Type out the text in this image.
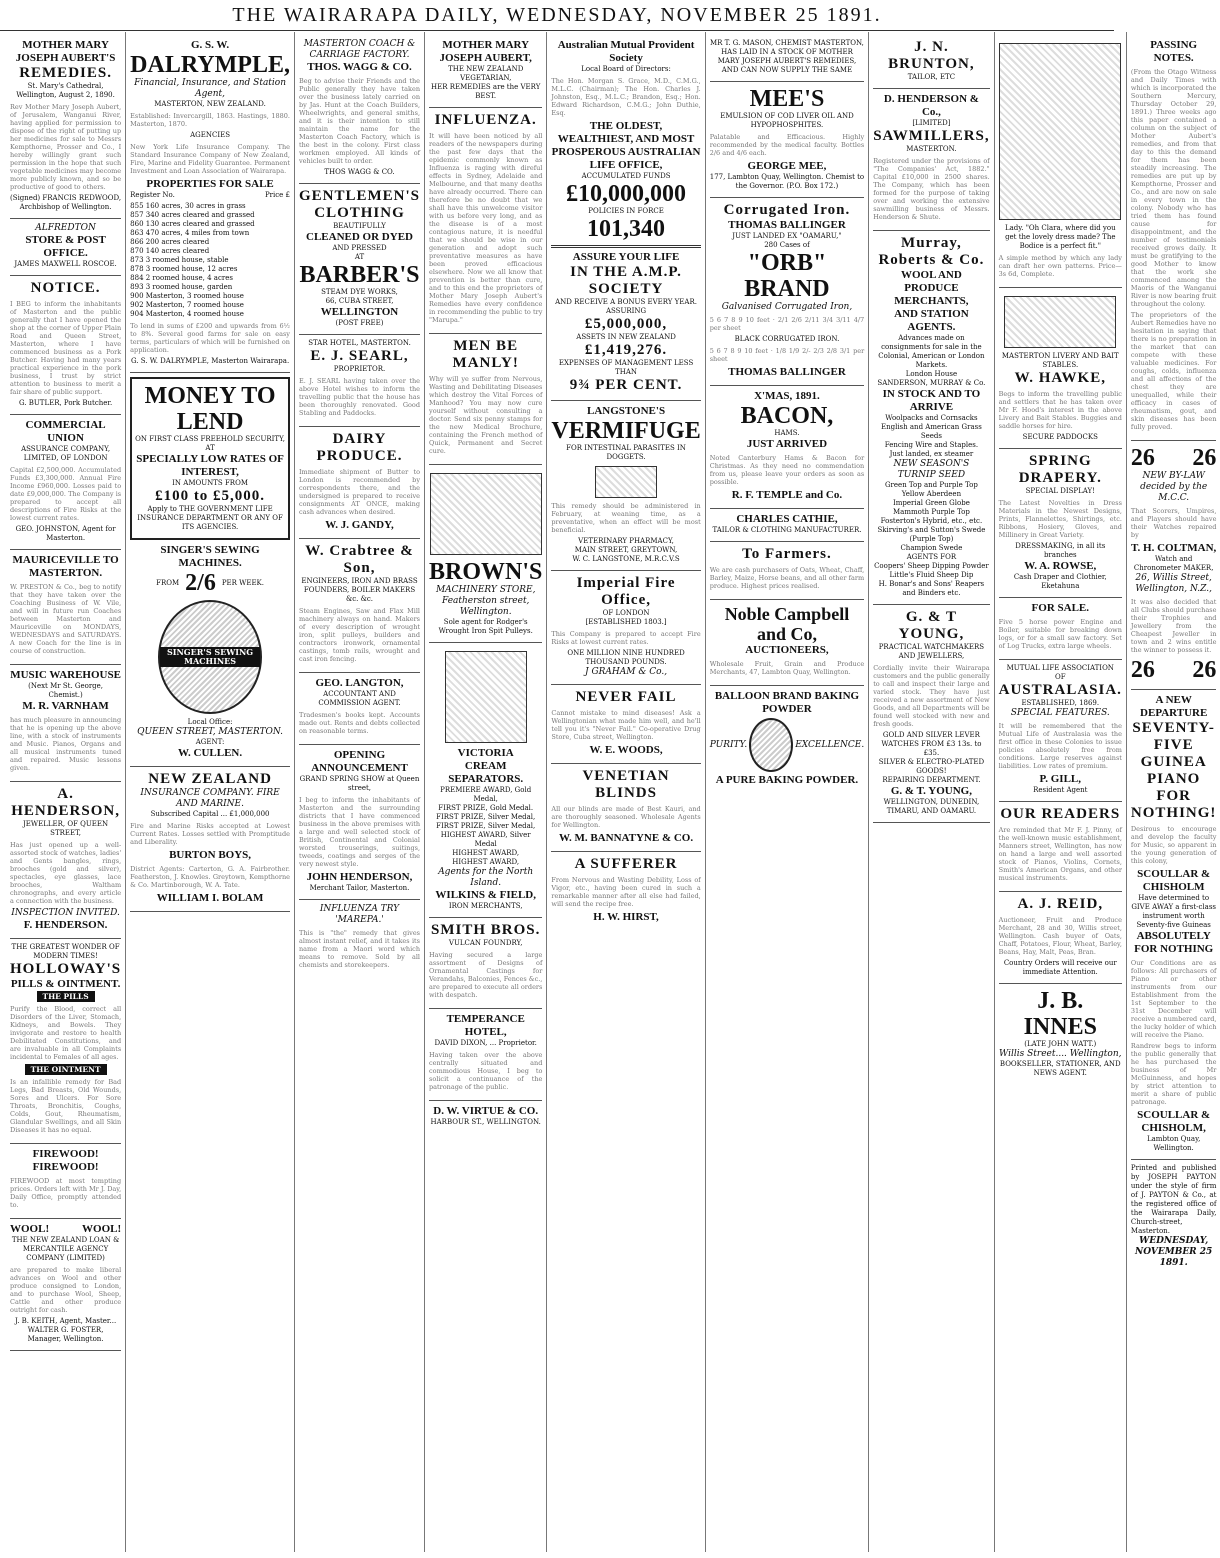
THE WAIRARAPA DAILY, WEDNESDAY, NOVEMBER 25 1891.
MOTHER MARY JOSEPH AUBERT'S
REMEDIES.
St. Mary's Cathedral, Wellington, August 2, 1890.
Rev Mother Mary Joseph Aubert, of Jerusalem, Wanganui River, having applied for permission to dispose of the right of putting up her medicines for sale to Messrs Kempthorne, Prosser and Co., I hereby willingly grant such permission in the hope that such vegetable medicines may become more publicly known, and so be productive of good to others.
(Signed) FRANCIS REDWOOD, Archbishop of Wellington.
ALFREDTON
STORE & POST OFFICE.
JAMES MAXWELL ROSCOE.
NOTICE.
I BEG to inform the inhabitants of Masterton and the public generally that I have opened the shop at the corner of Upper Plain Road and Queen Street, Masterton, where I have commenced business as a Pork Butcher. Having had many years practical experience in the pork business, I trust by strict attention to business to merit a fair share of public support.
G. BUTLER, Pork Butcher.
COMMERCIAL UNION
ASSURANCE COMPANY, LIMITED, OF LONDON
Capital £2,500,000. Accumulated Funds £3,300,000. Annual Fire Income £960,000. Losses paid to date £9,000,000. The Company is prepared to accept all descriptions of Fire Risks at the lowest current rates.
GEO. JOHNSTON, Agent for Masterton.
MAURICEVILLE TO MASTERTON.
W. PRESTON & Co., beg to notify that they have taken over the Coaching Business of W. Vile, and will in future run Coaches between Masterton and Mauriceville on MONDAYS, WEDNESDAYS and SATURDAYS. A new Coach for the line is in course of construction.
MUSIC WAREHOUSE
(Next Mr St. George, Chemist.)
M. R. VARNHAM
has much pleasure in announcing that he is opening up the above line, with a stock of instruments and Music. Pianos, Organs and all musical instruments tuned and repaired. Music lessons given.
A. HENDERSON,
JEWELLER, OF QUEEN STREET,
Has just opened up a well-assorted stock of watches, ladies' and Gents bangles, rings, brooches (gold and silver), spectacles, eye glasses, lace brooches, Waltham chronographs, and every article a connection with the business.
INSPECTION INVITED.
F. HENDERSON.
THE GREATEST WONDER OF MODERN TIMES!
HOLLOWAY'S
PILLS & OINTMENT.
THE PILLS
Purify the Blood, correct all Disorders of the Liver, Stomach, Kidneys, and Bowels. They invigorate and restore to health Debilitated Constitutions, and are invaluable in all Complaints incidental to Females of all ages.
THE OINTMENT
Is an infallible remedy for Bad Legs, Bad Breasts, Old Wounds, Sores and Ulcers. For Sore Throats, Bronchitis, Coughs, Colds, Gout, Rheumatism, Glandular Swellings, and all Skin Diseases it has no equal.
FIREWOOD! FIREWOOD!
FIREWOOD at most tempting prices. Orders left with Mr J. Day, Daily Office, promptly attended to.
WOOL!	WOOL!
THE NEW ZEALAND LOAN & MERCANTILE AGENCY COMPANY (LIMITED)
are prepared to make liberal advances on Wool and other produce consigned to London, and to purchase Wool, Sheep, Cattle and other produce outright for cash.
J. B. KEITH, Agent, Master...
WALTER G. FOSTER, Manager, Wellington.
G. S. W.
DALRYMPLE,
Financial, Insurance, and Station Agent,
MASTERTON, NEW ZEALAND.
Established: Invercargill, 1863. Hastings, 1880. Masterton, 1870.
AGENCIES
New York Life Insurance Company. The Standard Insurance Company of New Zealand, Fire, Marine and Fidelity Guarantee. Permanent Investment and Loan Association of Wairarapa.
PROPERTIES FOR SALE
Register No.	Price £
855 160 acres, 30 acres in grass
857 340 acres cleared and grassed
860 130 acres cleared and grassed
863 470 acres, 4 miles from town
866 200 acres cleared
870 140 acres cleared
873 3 roomed house, stable
878 3 roomed house, 12 acres
884 2 roomed house, 4 acres
893 3 roomed house, garden
900 Masterton, 3 roomed house
902 Masterton, 7 roomed house
904 Masterton, 4 roomed house
To lend in sums of £200 and upwards from 6½ to 8%. Several good farms for sale on easy terms, particulars of which will be furnished on application.
G. S. W. DALRYMPLE, Masterton Wairarapa.
MONEY TO
LEND
ON FIRST CLASS FREEHOLD SECURITY,
AT
SPECIALLY LOW RATES OF INTEREST,
IN AMOUNTS FROM
£100 to £5,000.
Apply to THE GOVERNMENT LIFE INSURANCE DEPARTMENT OR ANY OF ITS AGENCIES.
SINGER'S SEWING MACHINES.
FROM 2/6 PER WEEK.
SINGER'S SEWING MACHINES
Local Office:
QUEEN STREET, MASTERTON.
AGENT:
W. CULLEN.
NEW ZEALAND
INSURANCE COMPANY. FIRE AND MARINE.
Subscribed Capital ... £1,000,000
Fire and Marine Risks accepted at Lowest Current Rates. Losses settled with Promptitude and Liberality.
BURTON BOYS,
District Agents: Carterton, G. A. Fairbrother. Featherston, J. Knowles. Greytown, Kempthorne & Co. Martinborough, W. A. Tate.
WILLIAM I. BOLAM
MASTERTON COACH & CARRIAGE FACTORY.
THOS. WAGG & CO.
Beg to advise their Friends and the Public generally they have taken over the business lately carried on by Jas. Hunt at the Coach Builders, Wheelwrights, and general smiths, and it is their intention to still maintain the name for the Masterton Coach Factory, which is the best in the colony. First class workmen employed. All kinds of vehicles built to order.
THOS WAGG & CO.
GENTLEMEN'S
CLOTHING
BEAUTIFULLY
CLEANED OR DYED
AND PRESSED
AT
BARBER'S
STEAM DYE WORKS,
66, CUBA STREET,
WELLINGTON
(POST FREE)
STAR HOTEL, MASTERTON.
E. J. SEARL,
PROPRIETOR.
E. J. SEARL having taken over the above Hotel wishes to inform the travelling public that the house has been thoroughly renovated. Good Stabling and Paddocks.
DAIRY PRODUCE.
Immediate shipment of Butter to London is recommended by correspondents there, and the undersigned is prepared to receive consignments AT ONCE, making cash advances when desired.
W. J. GANDY,
W. Crabtree & Son,
ENGINEERS, IRON AND BRASS FOUNDERS, BOILER MAKERS &c. &c.
Steam Engines, Saw and Flax Mill machinery always on hand. Makers of every description of wrought iron, split pulleys, builders and contractors ironwork, ornamental castings, tomb rails, wrought and cast iron fencing.
GEO. LANGTON,
ACCOUNTANT AND COMMISSION AGENT.
Tradesmen's books kept. Accounts made out. Rents and debts collected on reasonable terms.
OPENING ANNOUNCEMENT
GRAND SPRING SHOW at Queen street,
I beg to inform the inhabitants of Masterton and the surrounding districts that I have commenced business in the above premises with a large and well selected stock of British, Continental and Colonial worsted trouserings, suitings, tweeds, coatings and serges of the very newest style.
JOHN HENDERSON,
Merchant Tailor, Masterton.
INFLUENZA TRY 'MAREPA.'
This is "the" remedy that gives almost instant relief, and it takes its name from a Maori word which means to remove. Sold by all chemists and storekeepers.
MOTHER MARY JOSEPH AUBERT,
THE NEW ZEALAND VEGETARIAN,
HER REMEDIES are the VERY BEST.
INFLUENZA.
It will have been noticed by all readers of the newspapers during the past few days that the epidemic commonly known as Influenza is raging with direful effects in Sydney, Adelaide and Melbourne, and that many deaths have already occurred. There can therefore be no doubt that we shall have this unwelcome visitor with us before very long, and as the disease is of a most contagious nature, it is needful that we should be wise in our generation and adopt such preventative measures as have been proved efficacious elsewhere. Now we all know that prevention is better than cure, and to this end the proprietors of Mother Mary Joseph Aubert's Remedies have every confidence in recommending the public to try "Marupa."
MEN BE MANLY!
Why will ye suffer from Nervous, Wasting and Debilitating Diseases which destroy the Vital Forces of Manhood? You may now cure yourself without consulting a doctor. Send six penny stamps for the new Medical Brochure, containing the French method of Quick, Permanent and Secret cure.
BROWN'S
MACHINERY STORE, Featherston street, Wellington.
Sole agent for Rodger's Wrought Iron Spit Pulleys.
VICTORIA
CREAM SEPARATORS.
PREMIERE AWARD, Gold Medal,
FIRST PRIZE, Gold Medal.
FIRST PRIZE, Silver Medal,
FIRST PRIZE, Silver Medal,
HIGHEST AWARD, Silver Medal
HIGHEST AWARD,
HIGHEST AWARD,
Agents for the North Island.
WILKINS & FIELD,
IRON MERCHANTS,
SMITH BROS.
VULCAN FOUNDRY,
Having secured a large assortment of Designs of Ornamental Castings for Verandahs, Balconies, Fences &c., are prepared to execute all orders with despatch.
TEMPERANCE HOTEL,
DAVID DIXON, ... Proprietor.
Having taken over the above centrally situated and commodious House, I beg to solicit a continuance of the patronage of the public.
D. W. VIRTUE & CO.
HARBOUR ST., WELLINGTON.
Australian Mutual Provident Society
Local Board of Directors:
The Hon. Morgan S. Grace, M.D., C.M.G., M.L.C. (Chairman); The Hon. Charles J. Johnston, Esq., M.L.C.; Brandon, Esq.; Hon. Edward Richardson, C.M.G.; John Duthie, Esq.
THE OLDEST, WEALTHIEST, AND MOST PROSPEROUS AUSTRALIAN LIFE OFFICE,
ACCUMULATED FUNDS
£10,000,000
POLICIES IN FORCE
101,340
ASSURE YOUR LIFE
IN THE A.M.P. SOCIETY
AND RECEIVE A BONUS EVERY YEAR.
ASSURING
£5,000,000,
ASSETS IN NEW ZEALAND
£1,419,276.
EXPENSES OF MANAGEMENT LESS THAN
9¾ PER CENT.
LANGSTONE'S
VERMIFUGE
FOR INTESTINAL PARASITES IN DOGGETS.
This remedy should be administered in February, at weaning time, as a preventative, when an effect will be most beneficial.
VETERINARY PHARMACY,
MAIN STREET, GREYTOWN,
W. C. LANGSTONE, M.R.C.V.S
Imperial Fire Office,
OF LONDON
[ESTABLISHED 1803.]
This Company is prepared to accept Fire Risks at lowest current rates.
ONE MILLION NINE HUNDRED THOUSAND POUNDS.
J GRAHAM & Co.,
NEVER FAIL
Cannot mistake to mind diseases! Ask a Wellingtonian what made him well, and he'll tell you it's "Never Fail." Co-operative Drug Store, Cuba street, Wellington.
W. E. WOODS,
VENETIAN BLINDS
All our blinds are made of Best Kauri, and are thoroughly seasoned. Wholesale Agents for Wellington.
W. M. BANNATYNE & CO.
A SUFFERER
From Nervous and Wasting Debility, Loss of Vigor, etc., having been cured in such a remarkable manner after all else had failed, will send the recipe free.
H. W. HIRST,
MR T. G. MASON, CHEMIST MASTERTON, HAS LAID IN A STOCK OF MOTHER MARY JOSEPH AUBERT'S REMEDIES, AND CAN NOW SUPPLY THE SAME
MEE'S
EMULSION OF COD LIVER OIL AND HYPOPHOSPHITES.
Palatable and Efficacious. Highly recommended by the medical faculty. Bottles 2/6 and 4/6 each.
GEORGE MEE,
177, Lambton Quay, Wellington. Chemist to the Governor. (P.O. Box 172.)
Corrugated Iron.
THOMAS BALLINGER
JUST LANDED EX "OAMARU,"
280 Cases of
"ORB" BRAND
Galvanised Corrugated Iron,
5 6 7 8 9 10 feet · 2/1 2/6 2/11 3/4 3/11 4/7 per sheet
BLACK CORRUGATED IRON.
5 6 7 8 9 10 feet · 1/8 1/9 2/- 2/3 2/8 3/1 per sheet
THOMAS BALLINGER
X'MAS, 1891.
BACON,
HAMS.
JUST ARRIVED
Noted Canterbury Hams & Bacon for Christmas. As they need no commendation from us, please leave your orders as soon as possible.
R. F. TEMPLE and Co.
CHARLES CATHIE,
TAILOR & CLOTHING MANUFACTURER.
To Farmers.
We are cash purchasers of Oats, Wheat, Chaff, Barley, Maize, Horse beans, and all other farm produce. Highest prices realised.
Noble Campbell and Co,
AUCTIONEERS,
Wholesale Fruit, Grain and Produce Merchants, 47, Lambton Quay, Wellington.
BALLOON BRAND BAKING POWDER
PURITY.	EXCELLENCE.
A PURE BAKING POWDER.
J. N. BRUNTON,
TAILOR, ETC
D. HENDERSON & Co.,
[LIMITED]
SAWMILLERS,
MASTERTON.
Registered under the provisions of "The Companies' Act, 1882." Capital £10,000 in 2500 shares. The Company, which has been formed for the purpose of taking over and working the extensive sawmilling business of Messrs. Henderson & Shute.
Murray, Roberts & Co.
WOOL AND PRODUCE MERCHANTS,
AND STATION AGENTS.
Advances made on consignments for sale in the Colonial, American or London Markets.
London House
SANDERSON, MURRAY & Co.
IN STOCK AND TO ARRIVE
Woolpacks and Cornsacks
English and American Grass Seeds
Fencing Wire and Staples.
Just landed, ex steamer
NEW SEASON'S TURNIP SEED
Green Top and Purple Top Yellow Aberdeen
Imperial Green Globe
Mammoth Purple Top
Fosterton's Hybrid, etc., etc.
Skirving's and Sutton's Swede (Purple Top)
Champion Swede
AGENTS FOR
Coopers' Sheep Dipping Powder
Little's Fluid Sheep Dip
H. Bonar's and Sons' Reapers and Binders etc.
G. & T YOUNG,
PRACTICAL WATCHMAKERS AND JEWELLERS,
Cordially invite their Wairarapa customers and the public generally to call and inspect their large and varied stock. They have just received a new assortment of New Goods, and all Departments will be found well stocked with new and fresh goods.
GOLD AND SILVER LEVER WATCHES FROM £3 13s. to £35.
SILVER & ELECTRO-PLATED GOODS!
REPAIRING DEPARTMENT.
G. & T. YOUNG,
WELLINGTON, DUNEDIN, TIMARU, AND OAMARU.
Lady. "Oh Clara, where did you get the lovely dress made? The Bodice is a perfect fit."
A simple method by which any lady can draft her own patterns. Price—3s 6d, Complete.
MASTERTON LIVERY AND BAIT STABLES.
W. HAWKE,
Begs to inform the travelling public and settlers that he has taken over Mr F. Hood's interest in the above Livery and Bait Stables. Buggies and saddle horses for hire.
SECURE PADDOCKS
SPRING DRAPERY.
SPECIAL DISPLAY!
The Latest Novelties in Dress Materials in the Newest Designs, Prints, Flannelettes, Shirtings, etc. Ribbons, Hosiery, Gloves, and Millinery in Great Variety.
DRESSMAKING, in all its branches
W. A. ROWSE,
Cash Draper and Clothier, Eketahuna
FOR SALE.
Five 5 horse power Engine and Boiler, suitable for breaking down logs, or for a small saw factory. Set of Log Trucks, extra large wheels.
MUTUAL LIFE ASSOCIATION
OF
AUSTRALASIA.
ESTABLISHED, 1869.
SPECIAL FEATURES.
It will be remembered that the Mutual Life of Australasia was the first office in these Colonies to issue policies absolutely free from conditions. Large reserves against liabilities. Low rates of premium.
P. GILL,
Resident Agent
OUR READERS
Are reminded that Mr F. J. Pinny, of the well-known music establishment, Manners street, Wellington, has now on hand a large and well assorted stock of Pianos, Violins, Cornets, Smith's American Organs, and other musical instruments.
A. J. REID,
Auctioneer, Fruit and Produce Merchant, 28 and 30, Willis street, Wellington. Cash buyer of Oats, Chaff, Potatoes, Flour, Wheat, Barley, Beans, Hay, Malt, Peas, Bran.
Country Orders will receive our immediate Attention.
J. B. INNES
(LATE JOHN WATT.)
Willis Street.... Wellington,
BOOKSELLER, STATIONER, AND NEWS AGENT.
PASSING NOTES.
(From the Otago Witness and Daily Times with which is incorporated the Southern Mercury, Thursday October 29, 1891.) Three weeks ago this paper contained a column on the subject of Mother Aubert's remedies, and from that day to this the demand for them has been steadily increasing. The remedies are put up by Kempthorne, Prosser and Co., and are now on sale in every town in the colony. Nobody who has tried them has found cause for disappointment, and the number of testimonials received grows daily. It must be gratifying to the good Mother to know that the work she commenced among the Maoris of the Wanganui River is now bearing fruit throughout the colony.
The proprietors of the Aubert Remedies have no hesitation in saying that there is no preparation in the market that can compete with these valuable medicines. For coughs, colds, influenza and all affections of the chest they are unequalled, while their efficacy in cases of rheumatism, gout, and skin diseases has been fully proved.
26 26
NEW BY-LAW decided by the M.C.C.
That Scorers, Umpires, and Players should have their Watches repaired by
T. H. COLTMAN,
Watch and Chronometer MAKER,
26, Willis Street, Wellington, N.Z.,
It was also decided that all Clubs should purchase their Trophies and Jewellery from the Cheapest Jeweller in town and 2 wins entitle the winner to possess it.
26 26
A NEW DEPARTURE
SEVENTY-FIVE GUINEA PIANO
FOR NOTHING!
Desirous to encourage and develop the faculty for Music, so apparent in the young generation of this colony,
SCOULLAR & CHISHOLM
Have determined to GIVE AWAY a first-class instrument worth Seventy-five Guineas
ABSOLUTELY FOR NOTHING
Our Conditions are as follows: All purchasers of Piano or other instruments from our Establishment from the 1st September to the 31st December will receive a numbered card, the lucky holder of which will receive the Piano.
Randrew begs to inform the public generally that he has purchased the business of Mr McGuinness, and hopes by strict attention to merit a share of public patronage.
SCOULLAR & CHISHOLM,
Lambton Quay, Wellington.
Printed and published by JOSEPH PAYTON under the style of firm of J. PAYTON & Co., at the registered office of the Wairarapa Daily, Church-street, Masterton.
WEDNESDAY, NOVEMBER 25 1891.
